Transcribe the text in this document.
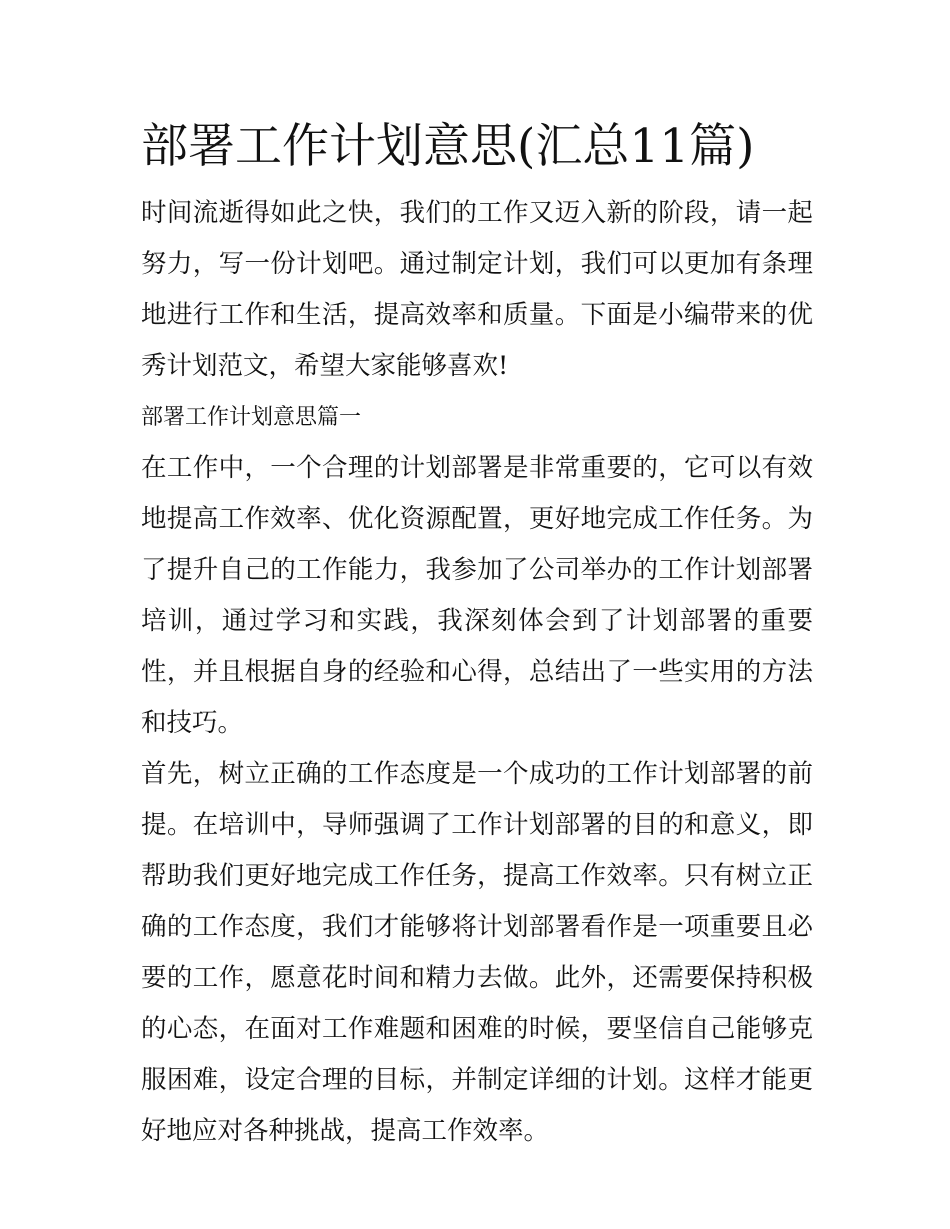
部署工作计划意思(汇总11篇)

时间流逝得如此之快，我们的工作又迈入新的阶段，请一起努力，写一份计划吧。通过制定计划，我们可以更加有条理地进行工作和生活，提高效率和质量。下面是小编带来的优秀计划范文，希望大家能够喜欢!

部署工作计划意思篇一

在工作中，一个合理的计划部署是非常重要的，它可以有效地提高工作效率、优化资源配置，更好地完成工作任务。为了提升自己的工作能力，我参加了公司举办的工作计划部署培训，通过学习和实践，我深刻体会到了计划部署的重要性，并且根据自身的经验和心得，总结出了一些实用的方法和技巧。

首先，树立正确的工作态度是一个成功的工作计划部署的前提。在培训中，导师强调了工作计划部署的目的和意义，即帮助我们更好地完成工作任务，提高工作效率。只有树立正确的工作态度，我们才能够将计划部署看作是一项重要且必要的工作，愿意花时间和精力去做。此外，还需要保持积极的心态，在面对工作难题和困难的时候，要坚信自己能够克服困难，设定合理的目标，并制定详细的计划。这样才能更好地应对各种挑战，提高工作效率。
